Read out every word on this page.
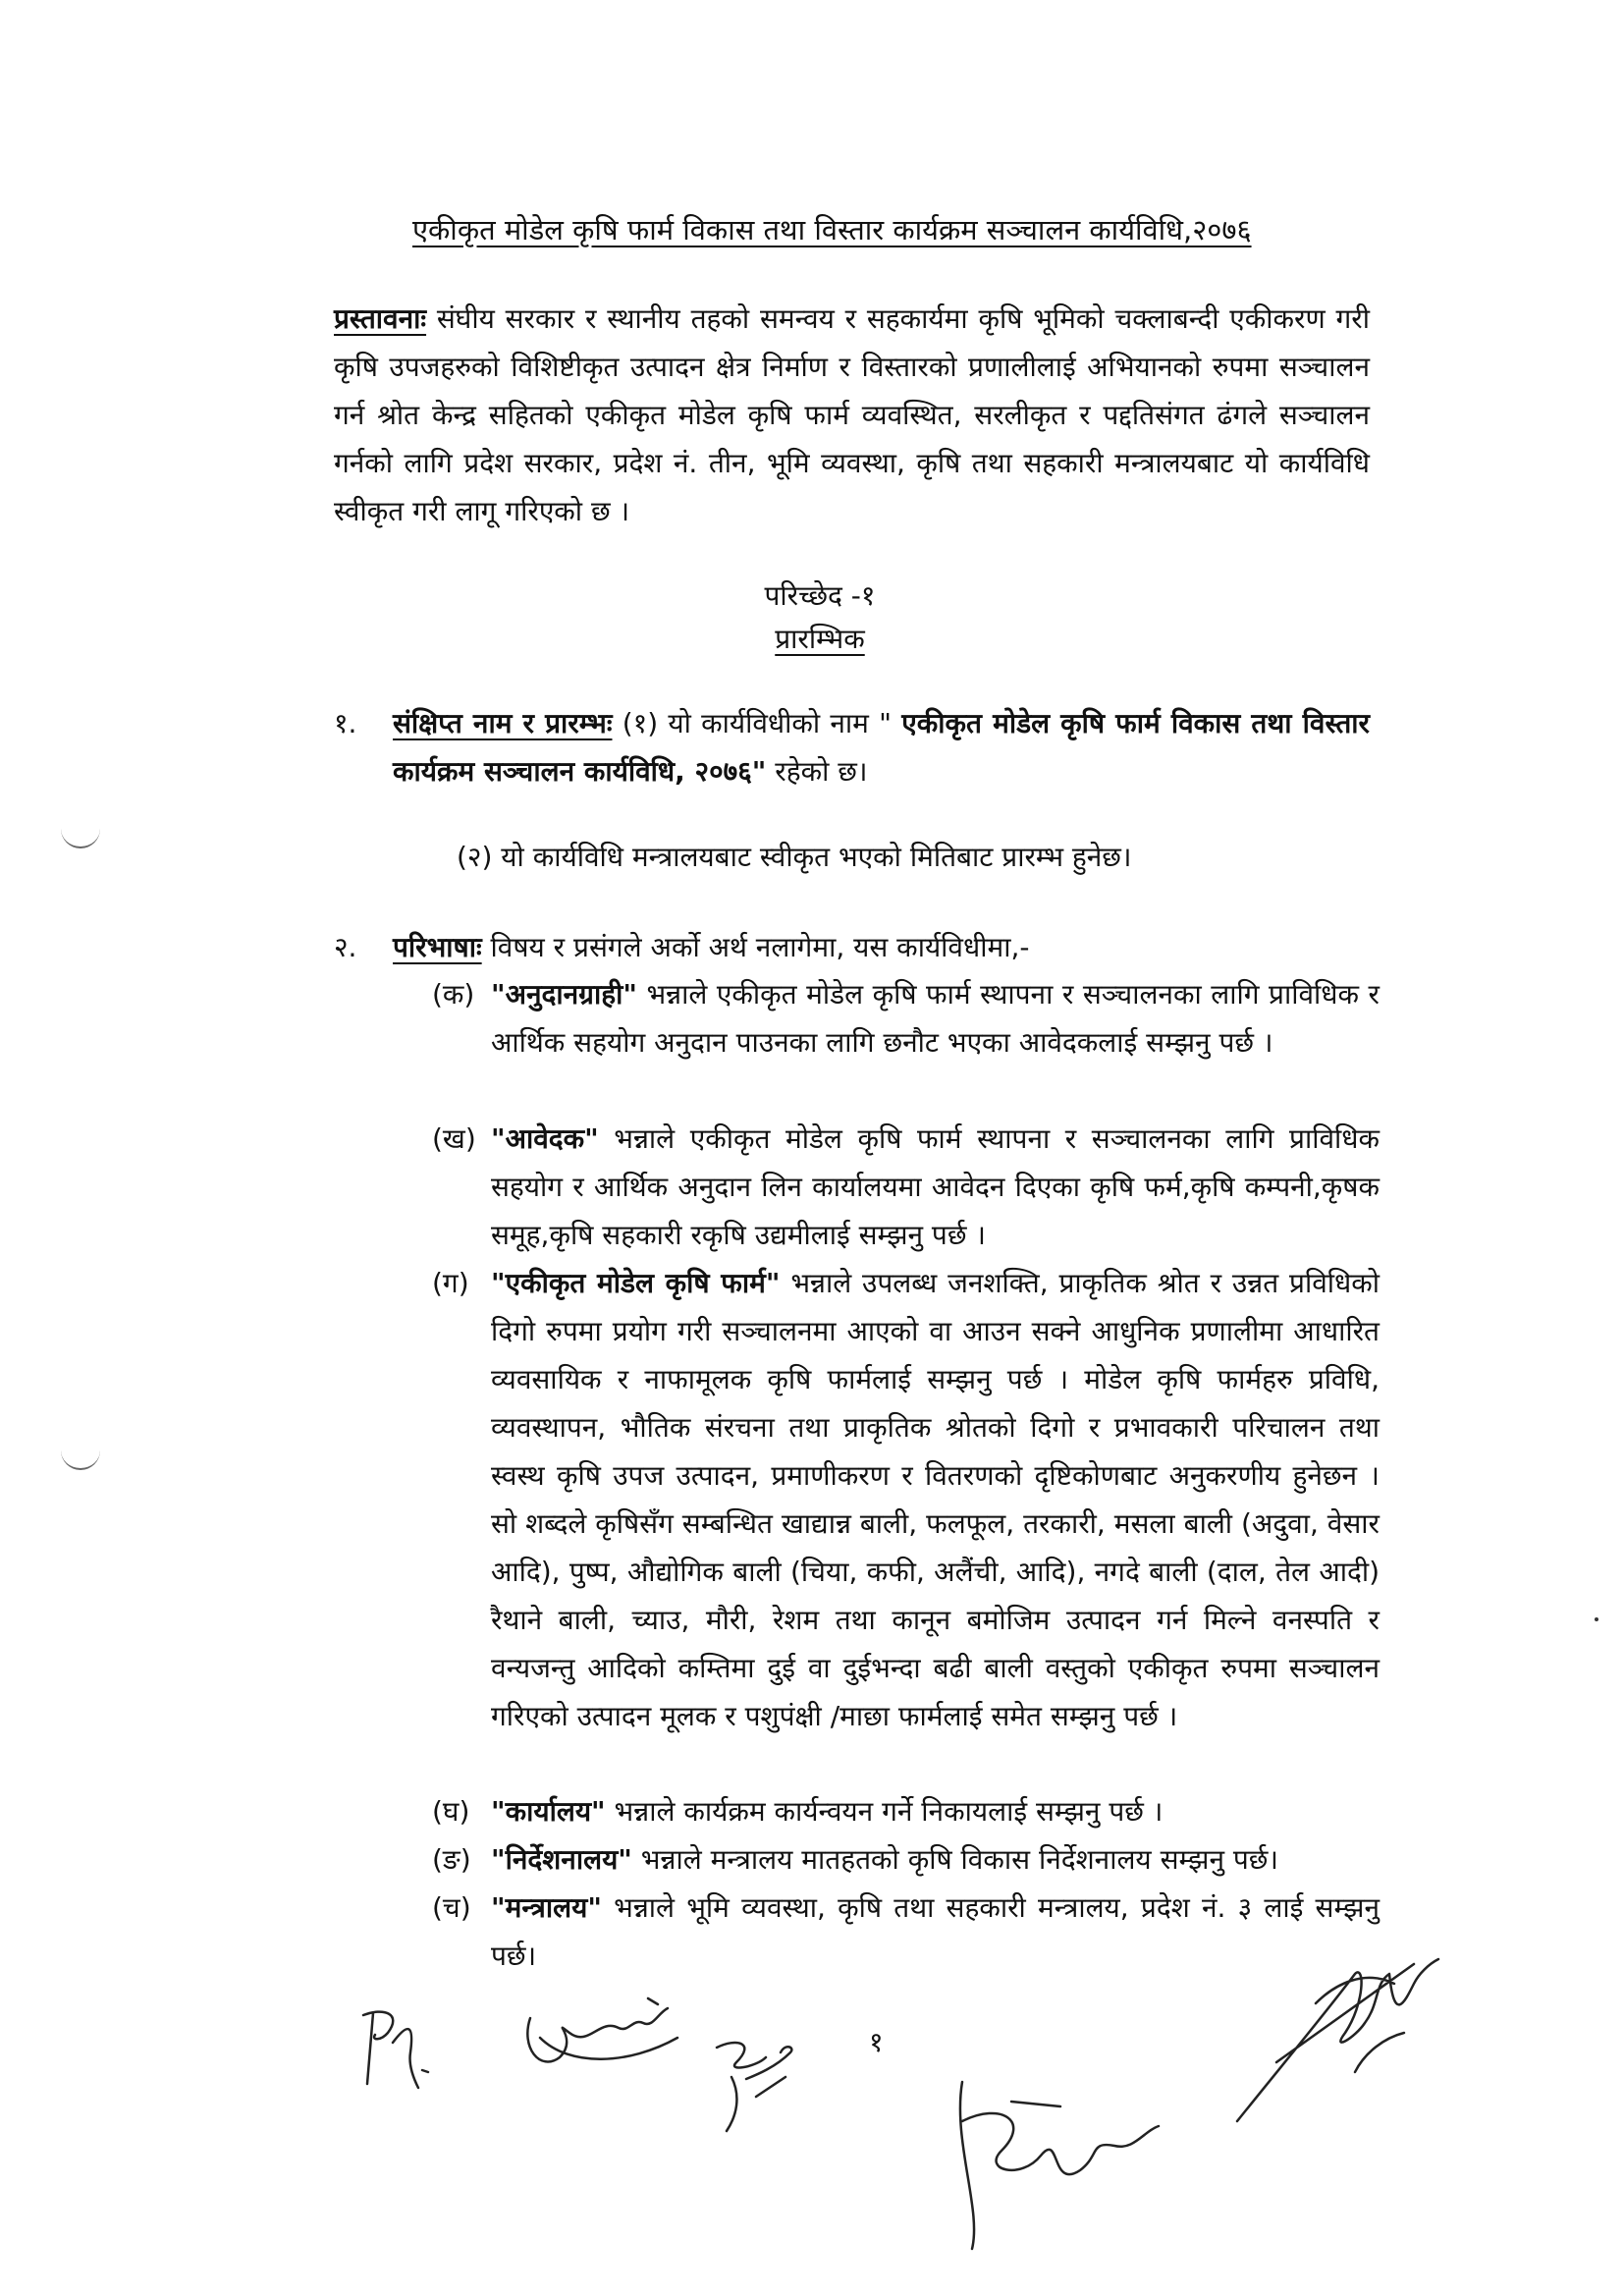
एकीकृत मोडेल कृषि फार्म विकास तथा विस्तार कार्यक्रम सञ्चालन कार्यविधि,२०७६

प्रस्तावनाः संघीय सरकार र स्थानीय तहको समन्वय र सहकार्यमा कृषि भूमिको चक्लाबन्दी एकीकरण गरी कृषि उपजहरुको विशिष्टीकृत उत्पादन क्षेत्र निर्माण र विस्तारको प्रणालीलाई अभियानको रुपमा सञ्चालन गर्न श्रोत केन्द्र सहितको एकीकृत मोडेल कृषि फार्म व्यवस्थित, सरलीकृत र पद्दतिसंगत ढंगले सञ्चालन गर्नको लागि प्रदेश सरकार, प्रदेश नं. तीन, भूमि व्यवस्था, कृषि तथा सहकारी मन्त्रालयबाट यो कार्यविधि स्वीकृत गरी लागू गरिएको छ ।

परिच्छेद -१
प्रारम्भिक
१. संक्षिप्त नाम र प्रारम्भः (१) यो कार्यविधीको नाम " एकीकृत मोडेल कृषि फार्म विकास तथा विस्तार कार्यक्रम सञ्चालन कार्यविधि, २०७६" रहेको छ।

(२) यो कार्यविधि मन्त्रालयबाट स्वीकृत भएको मितिबाट प्रारम्भ हुनेछ।

२. परिभाषाः विषय र प्रसंगले अर्को अर्थ नलागेमा, यस कार्यविधीमा,-

(क) "अनुदानग्राही" भन्नाले एकीकृत मोडेल कृषि फार्म स्थापना र सञ्चालनका लागि प्राविधिक र आर्थिक सहयोग अनुदान पाउनका लागि छनौट भएका आवेदकलाई सम्झनु पर्छ ।

(ख) "आवेदक" भन्नाले एकीकृत मोडेल कृषि फार्म स्थापना र सञ्चालनका लागि प्राविधिक सहयोग र आर्थिक अनुदान लिन कार्यालयमा आवेदन दिएका कृषि फर्म,कृषि कम्पनी,कृषक समूह,कृषि सहकारी रकृषि उद्यमीलाई सम्झनु पर्छ ।

(ग) "एकीकृत मोडेल कृषि फार्म" भन्नाले उपलब्ध जनशक्ति, प्राकृतिक श्रोत र उन्नत प्रविधिको दिगो रुपमा प्रयोग गरी सञ्चालनमा आएको वा आउन सक्ने आधुनिक प्रणालीमा आधारित व्यवसायिक र नाफामूलक कृषि फार्मलाई सम्झनु पर्छ । मोडेल कृषि फार्महरु प्रविधि, व्यवस्थापन, भौतिक संरचना तथा प्राकृतिक श्रोतको दिगो र प्रभावकारी परिचालन तथा स्वस्थ कृषि उपज उत्पादन, प्रमाणीकरण र वितरणको दृष्टिकोणबाट अनुकरणीय हुनेछन । सो शब्दले कृषिसँग सम्बन्धित खाद्यान्न बाली, फलफूल, तरकारी, मसला बाली (अदुवा, वेसार आदि), पुष्प, औद्योगिक बाली (चिया, कफी, अलैंची, आदि), नगदे बाली (दाल, तेल आदी) रैथाने बाली, च्याउ, मौरी, रेशम तथा कानून बमोजिम उत्पादन गर्न मिल्ने वनस्पति र वन्यजन्तु आदिको कम्तिमा दुई वा दुईभन्दा बढी बाली वस्तुको एकीकृत रुपमा सञ्चालन गरिएको उत्पादन मूलक र पशुपंक्षी /माछा फार्मलाई समेत सम्झनु पर्छ ।

(घ) "कार्यालय" भन्नाले कार्यक्रम कार्यन्वयन गर्ने निकायलाई सम्झनु पर्छ ।

(ङ) "निर्देशनालय" भन्नाले मन्त्रालय मातहतको कृषि विकास निर्देशनालय सम्झनु पर्छ।

(च) "मन्त्रालय" भन्नाले भूमि व्यवस्था, कृषि तथा सहकारी मन्त्रालय, प्रदेश नं. ३ लाई सम्झनु पर्छ।

१
